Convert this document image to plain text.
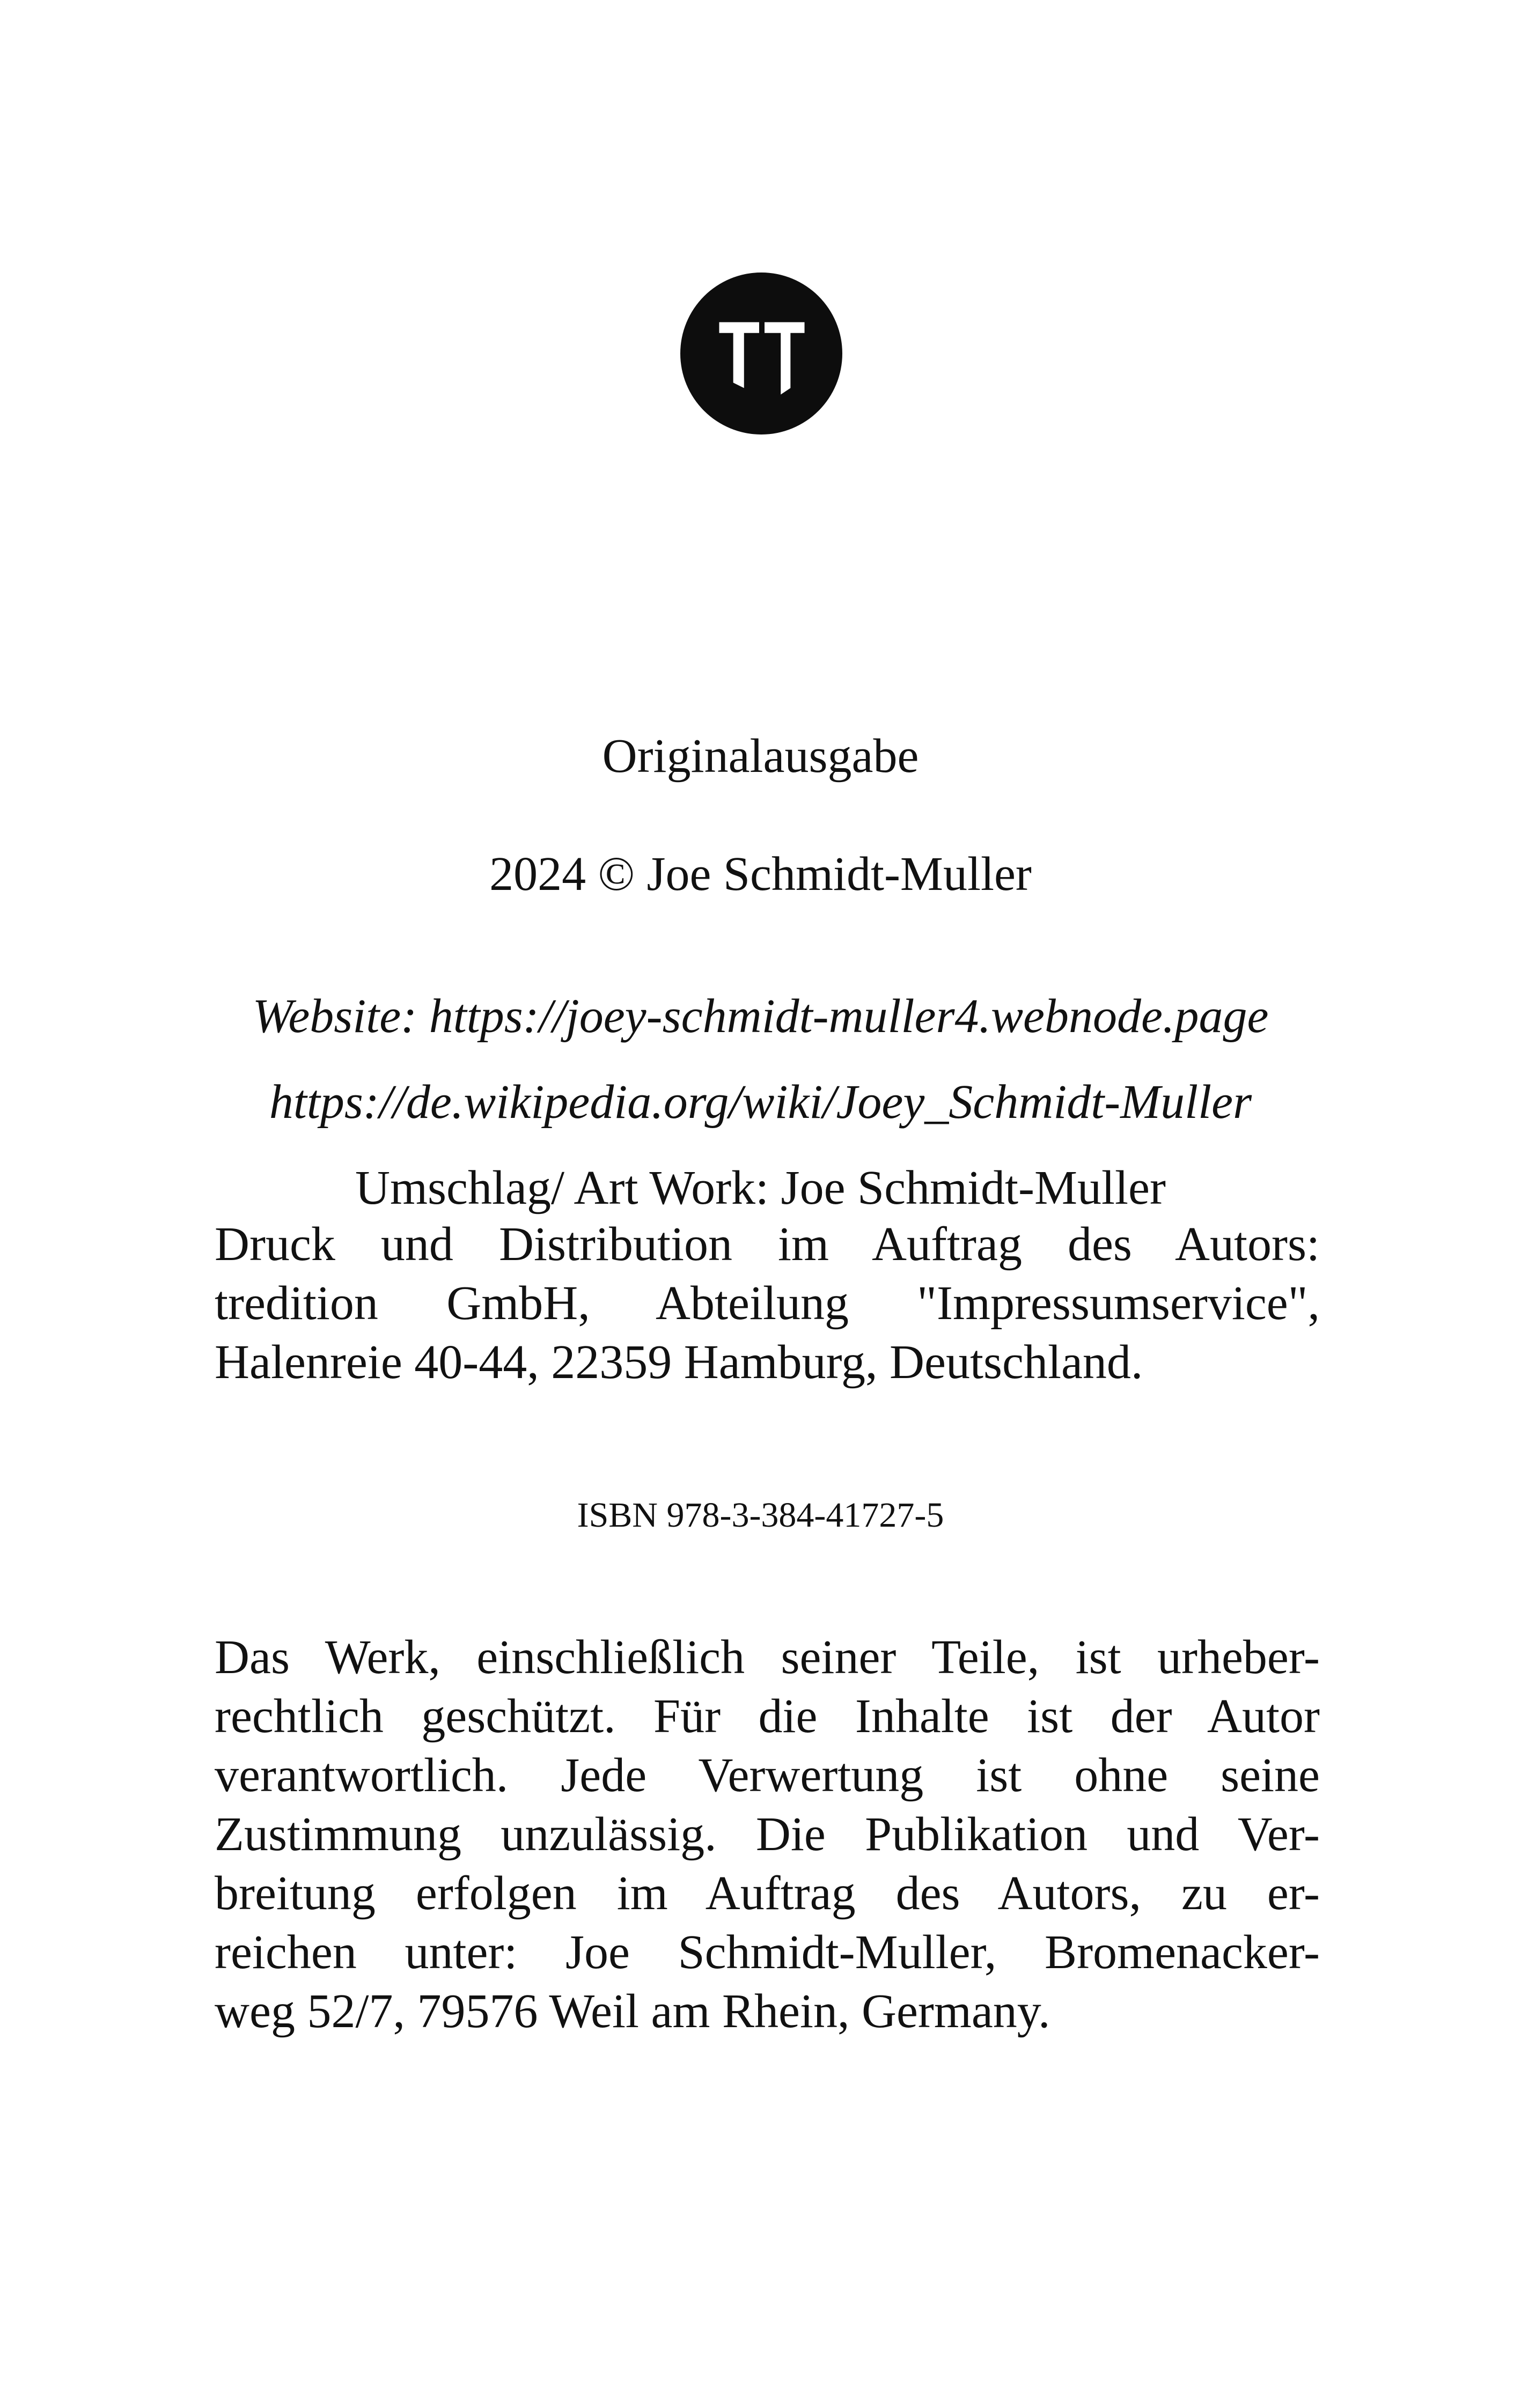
Originalausgabe
2024 © Joe Schmidt-Muller
Website: https://joey-schmidt-muller4.webnode.page
https://de.wikipedia.org/wiki/Joey_Schmidt-Muller
Umschlag/ Art Work: Joe Schmidt-Muller
Druck und Distribution im Auftrag des Autors:
tredition GmbH, Abteilung "Impressumservice",
Halenreie 40-44, 22359 Hamburg, Deutschland.
ISBN 978-3-384-41727-5
Das Werk, einschließlich seiner Teile, ist urheber-
rechtlich geschützt. Für die Inhalte ist der Autor
verantwortlich. Jede Verwertung ist ohne seine
Zustimmung unzulässig. Die Publikation und Ver-
breitung erfolgen im Auftrag des Autors, zu er-
reichen unter: Joe Schmidt-Muller, Bromenacker-
weg 52/7, 79576 Weil am Rhein, Germany.
